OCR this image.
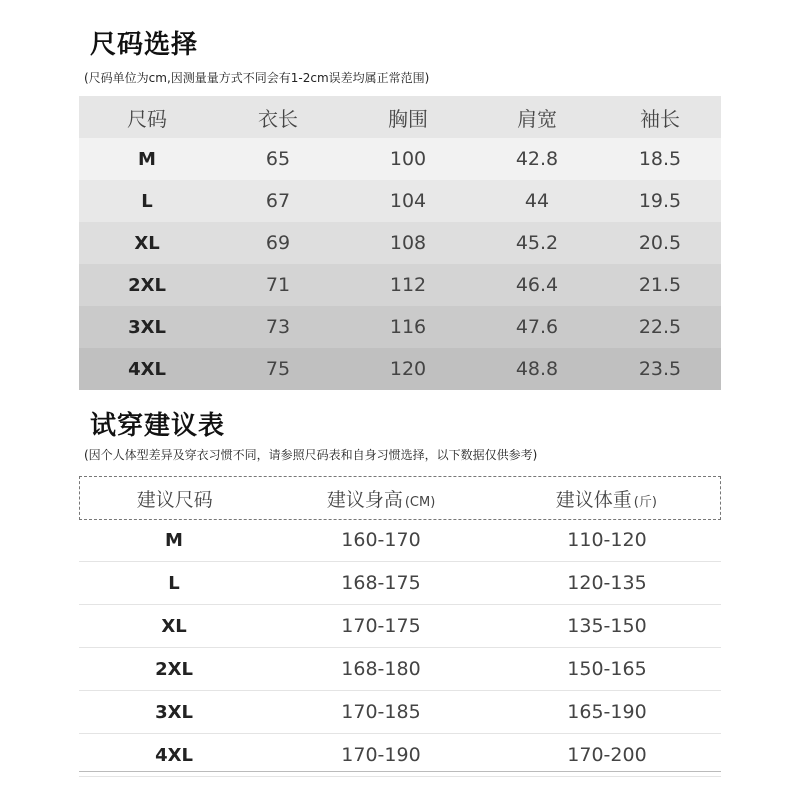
尺码选择
(尺码单位为cm,因测量量方式不同会有1-2cm误差均属正常范围)
尺码	衣长	胸围	肩宽	袖长
M	65	100	42.8	18.5
L	67	104	44	19.5
XL	69	108	45.2	20.5
2XL	71	112	46.4	21.5
3XL	73	116	47.6	22.5
4XL	75	120	48.8	23.5
试穿建议表
(因个人体型差异及穿衣习惯不同，请参照尺码表和自身习惯选择，以下数据仅供参考)
建议尺码	建议身高 (CM)	建议体重 (斤)
M	160-170	110-120
L	168-175	120-135
XL	170-175	135-150
2XL	168-180	150-165
3XL	170-185	165-190
4XL	170-190	170-200
